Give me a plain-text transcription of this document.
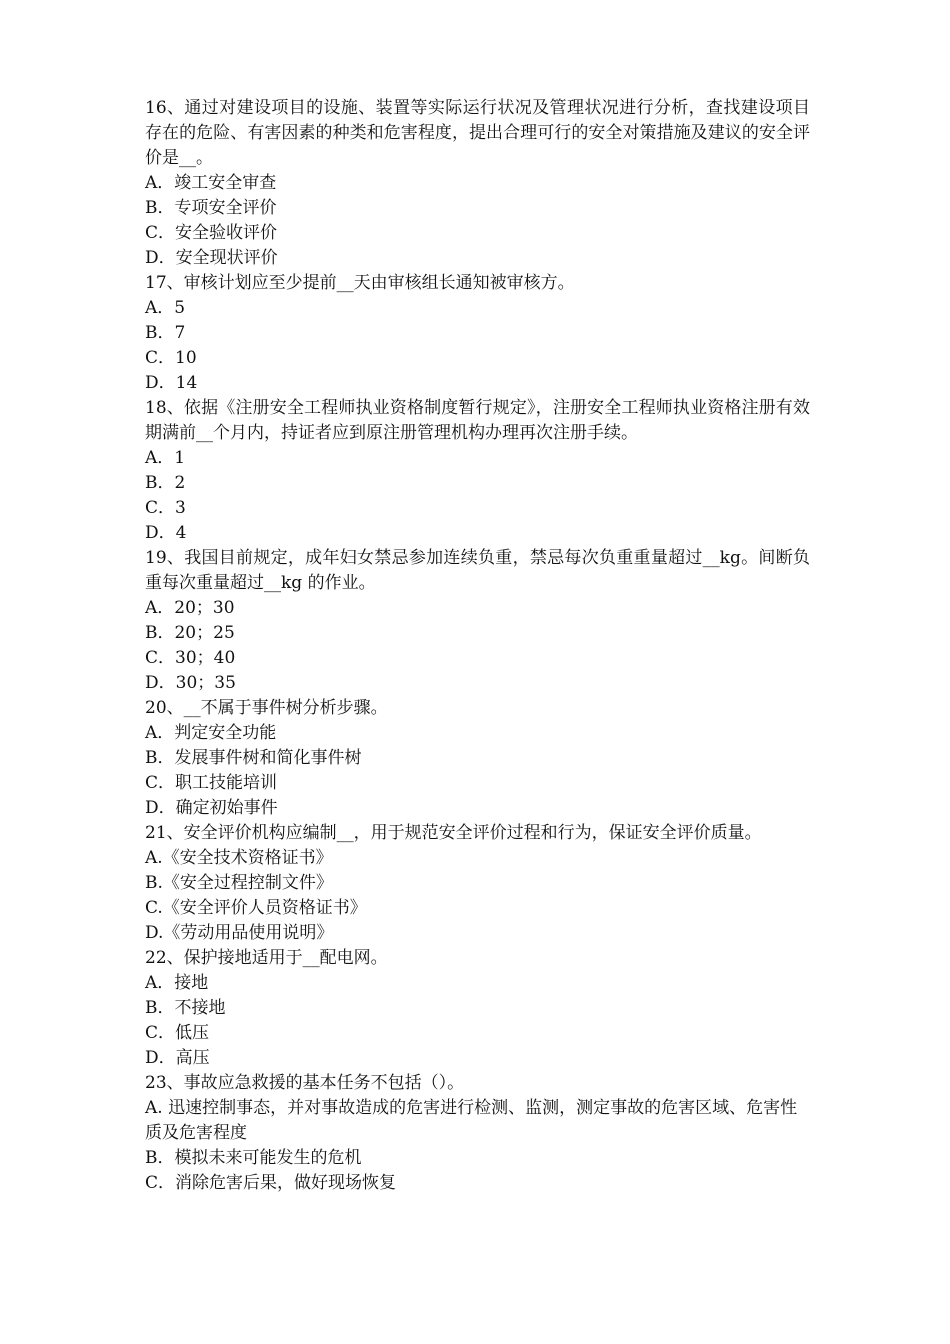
16、通过对建设项目的设施、装置等实际运行状况及管理状况进行分析，查找建设项目存在的危险、有害因素的种类和危害程度，提出合理可行的安全对策措施及建议的安全评价是__。

A．竣工安全审查

B．专项安全评价

C．安全验收评价

D．安全现状评价

17、审核计划应至少提前__天由审核组长通知被审核方。

A．5

B．7

C．10

D．14

18、依据《注册安全工程师执业资格制度暂行规定》，注册安全工程师执业资格注册有效期满前__个月内，持证者应到原注册管理机构办理再次注册手续。

A．1

B．2

C．3

D．4

19、我国目前规定，成年妇女禁忌参加连续负重，禁忌每次负重重量超过__kg。间断负重每次重量超过__kg 的作业。

A．20；30

B．20；25

C．30；40

D．30；35

20、__不属于事件树分析步骤。

A．判定安全功能

B．发展事件树和简化事件树

C．职工技能培训

D．确定初始事件

21、安全评价机构应编制__，用于规范安全评价过程和行为，保证安全评价质量。

A.《安全技术资格证书》

B.《安全过程控制文件》

C.《安全评价人员资格证书》

D.《劳动用品使用说明》

22、保护接地适用于__配电网。

A．接地

B．不接地

C．低压

D．高压

23、事故应急救援的基本任务不包括（）。

A. 迅速控制事态，并对事故造成的危害进行检测、监测，测定事故的危害区域、危害性质及危害程度

B．模拟未来可能发生的危机

C．消除危害后果，做好现场恢复
